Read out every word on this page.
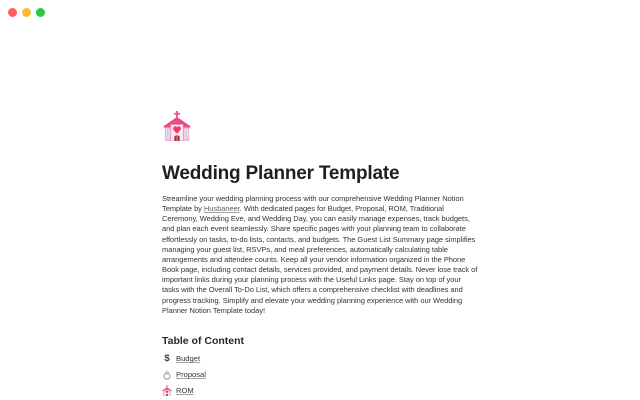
Wedding Planner Template

Streamline your wedding planning process with our comprehensive Wedding Planner Notion Template by Husbaneer. With dedicated pages for Budget, Proposal, ROM, Traditional Ceremony, Wedding Eve, and Wedding Day, you can easily manage expenses, track budgets, and plan each event seamlessly. Share specific pages with your planning team to collaborate effortlessly on tasks, to-do lists, contacts, and budgets. The Guest List Summary page simplifies managing your guest list, RSVPs, and meal preferences, automatically calculating table arrangements and attendee counts. Keep all your vendor information organized in the Phone Book page, including contact details, services provided, and payment details. Never lose track of important links during your planning process with the Useful Links page. Stay on top of your tasks with the Overall To-Do List, which offers a comprehensive checklist with deadlines and progress tracking. Simplify and elevate your wedding planning experience with our Wedding Planner Notion Template today!

Table of Content
$ Budget
Proposal
ROM
